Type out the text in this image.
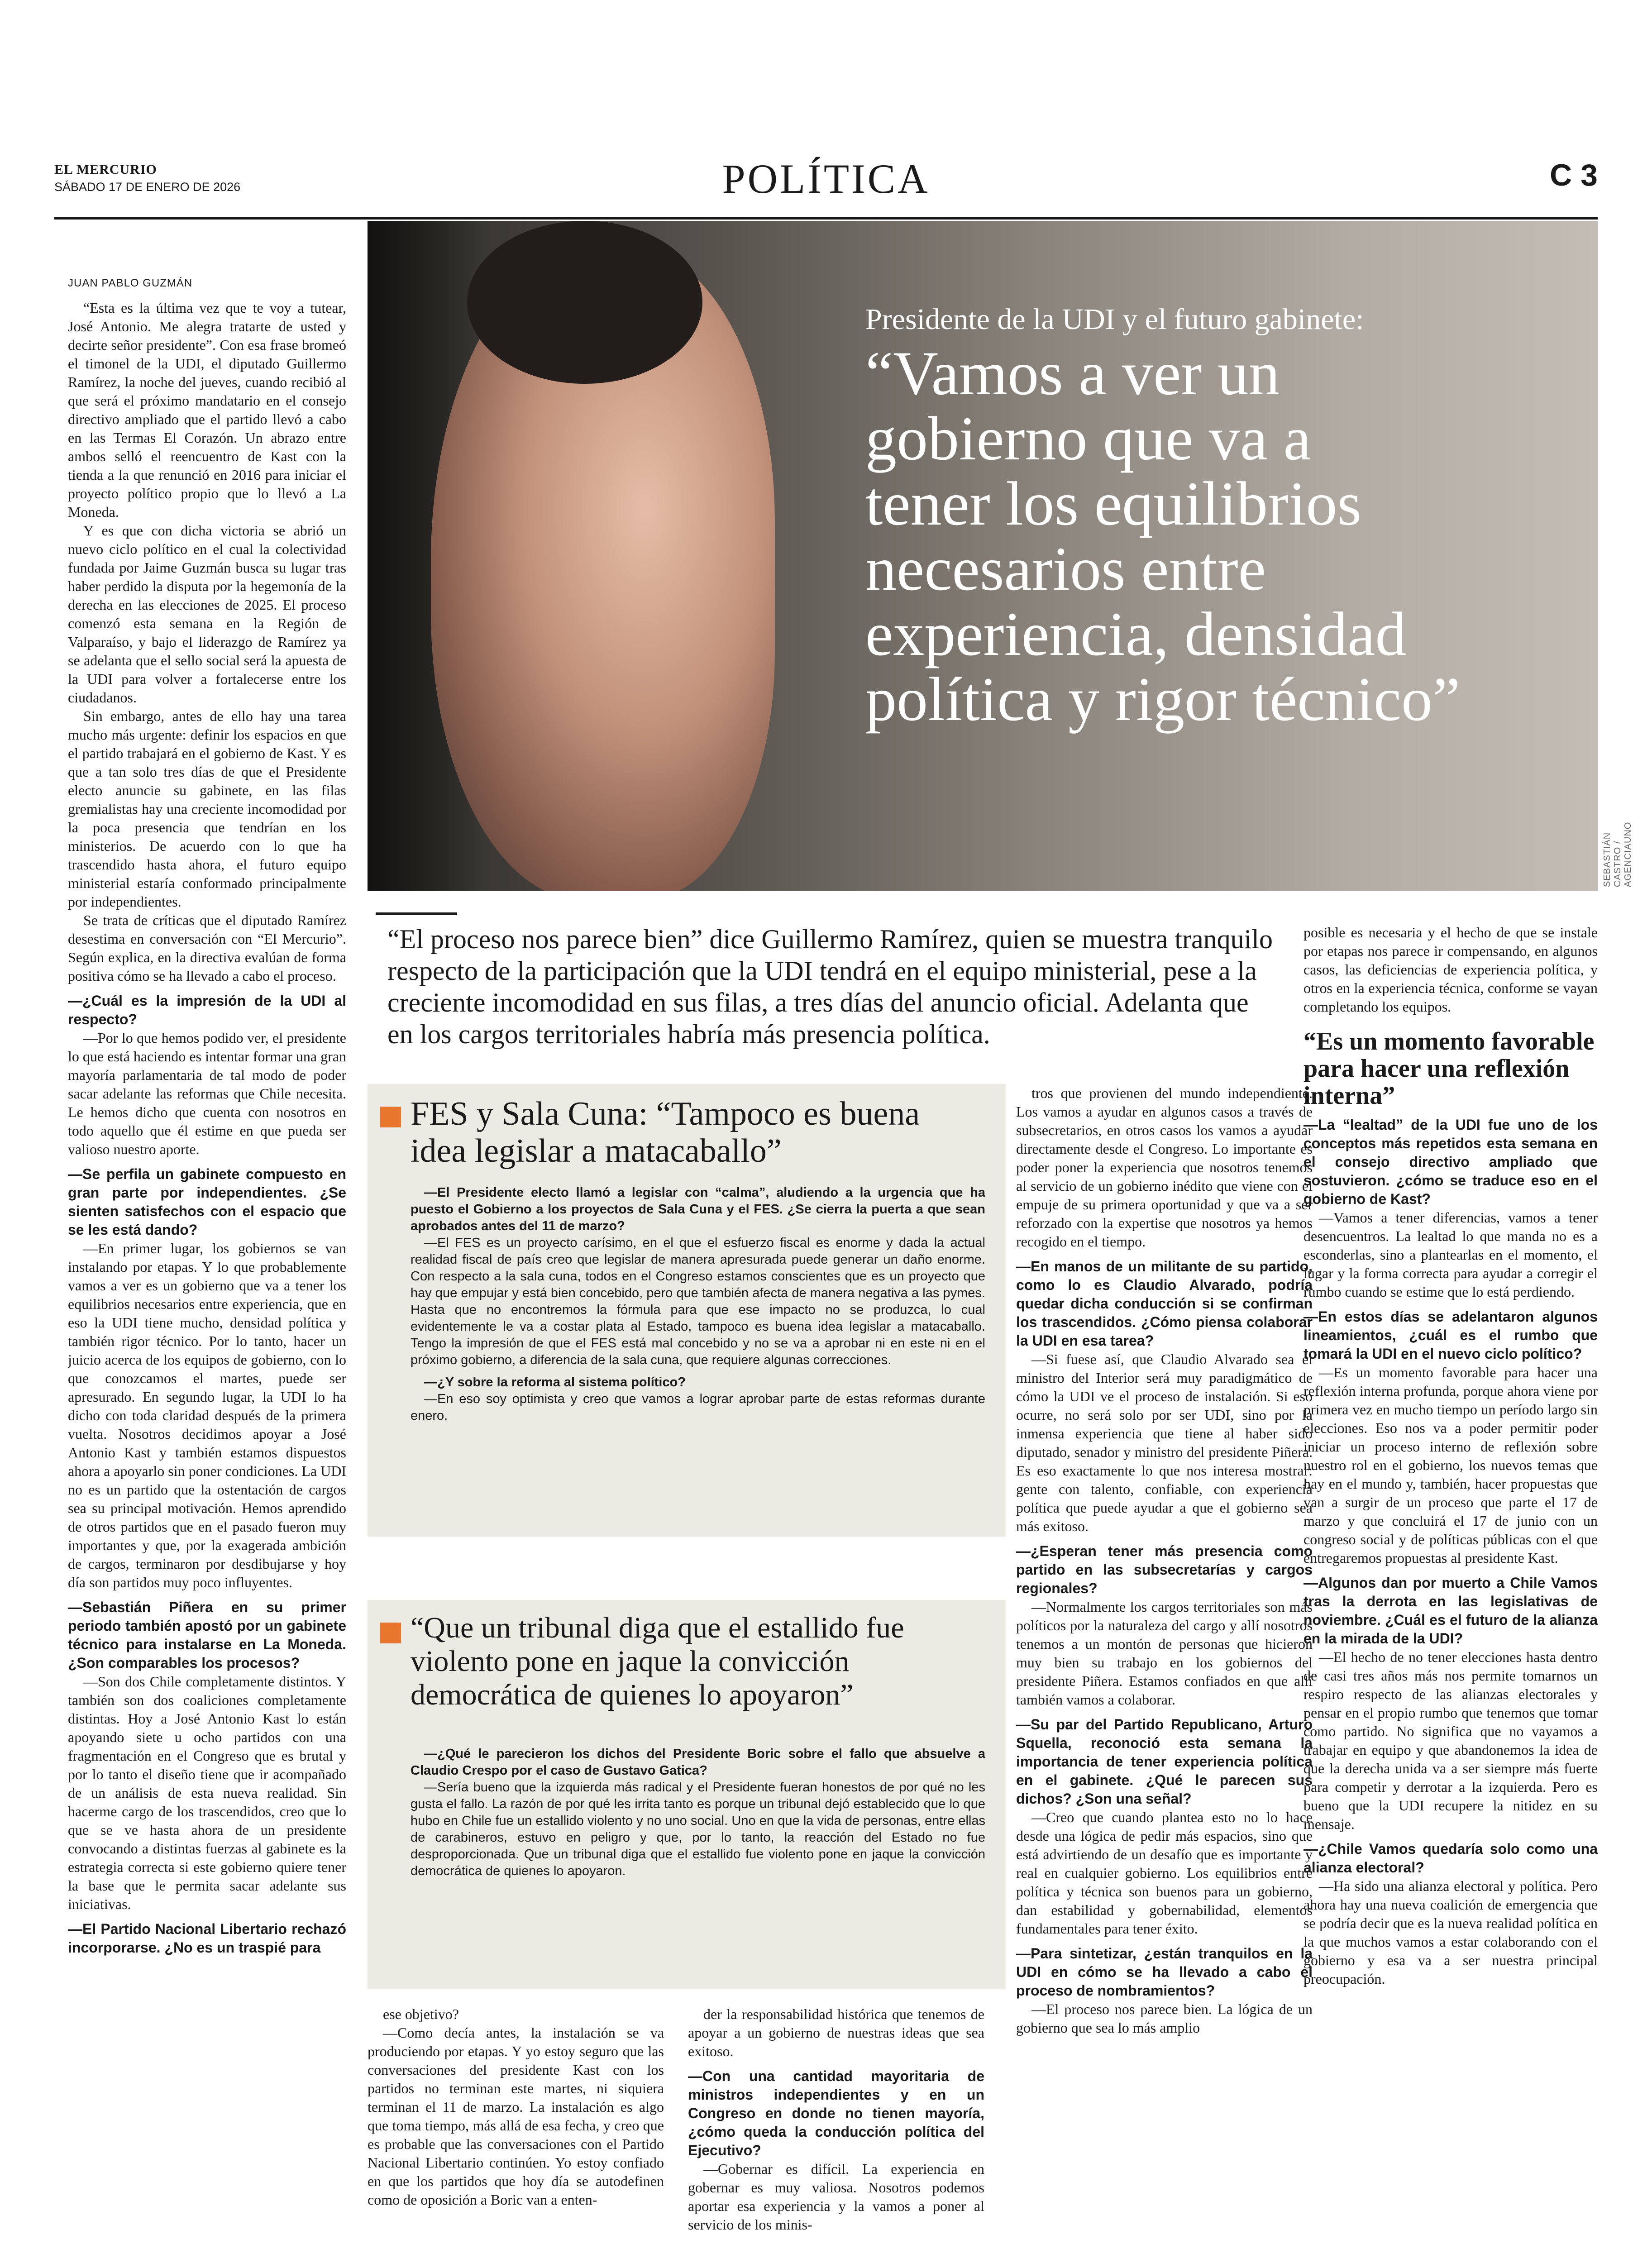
EL MERCURIO
SÁBADO 17 DE ENERO DE 2026	POLÍTICA	C 3
JUAN PABLO GUZMÁN

“Esta es la última vez que te voy a tutear, José Antonio. Me alegra tratarte de usted y decirte señor presidente”. Con esa frase bromeó el timonel de la UDI, el diputado Guillermo Ramírez, la noche del jueves, cuando recibió al que será el próximo mandatario en el consejo directivo ampliado que el partido llevó a cabo en las Termas El Corazón. Un abrazo entre ambos selló el reencuentro de Kast con la tienda a la que renunció en 2016 para iniciar el proyecto político propio que lo llevó a La Moneda.

Y es que con dicha victoria se abrió un nuevo ciclo político en el cual la colectividad fundada por Jaime Guzmán busca su lugar tras haber perdido la disputa por la hegemonía de la derecha en las elecciones de 2025. El proceso comenzó esta semana en la Región de Valparaíso, y bajo el liderazgo de Ramírez ya se adelanta que el sello social será la apuesta de la UDI para volver a fortalecerse entre los ciudadanos.

Sin embargo, antes de ello hay una tarea mucho más urgente: definir los espacios en que el partido trabajará en el gobierno de Kast. Y es que a tan solo tres días de que el Presidente electo anuncie su gabinete, en las filas gremialistas hay una creciente incomodidad por la poca presencia que tendrían en los ministerios. De acuerdo con lo que ha trascendido hasta ahora, el futuro equipo ministerial estaría conformado principalmente por independientes.

Se trata de críticas que el diputado Ramírez desestima en conversación con “El Mercurio”. Según explica, en la directiva evalúan de forma positiva cómo se ha llevado a cabo el proceso.

—¿Cuál es la impresión de la UDI al respecto?

—Por lo que hemos podido ver, el presidente lo que está haciendo es intentar formar una gran mayoría parlamentaria de tal modo de poder sacar adelante las reformas que Chile necesita. Le hemos dicho que cuenta con nosotros en todo aquello que él estime en que pueda ser valioso nuestro aporte.

—Se perfila un gabinete compuesto en gran parte por independientes. ¿Se sienten satisfechos con el espacio que se les está dando?

—En primer lugar, los gobiernos se van instalando por etapas. Y lo que probablemente vamos a ver es un gobierno que va a tener los equilibrios necesarios entre experiencia, que en eso la UDI tiene mucho, densidad política y también rigor técnico. Por lo tanto, hacer un juicio acerca de los equipos de gobierno, con lo que conozcamos el martes, puede ser apresurado. En segundo lugar, la UDI lo ha dicho con toda claridad después de la primera vuelta. Nosotros decidimos apoyar a José Antonio Kast y también estamos dispuestos ahora a apoyarlo sin poner condiciones. La UDI no es un partido que la ostentación de cargos sea su principal motivación. Hemos aprendido de otros partidos que en el pasado fueron muy importantes y que, por la exagerada ambición de cargos, terminaron por desdibujarse y hoy día son partidos muy poco influyentes.

—Sebastián Piñera en su primer periodo también apostó por un gabinete técnico para instalarse en La Moneda. ¿Son comparables los procesos?

—Son dos Chile completamente distintos. Y también son dos coaliciones completamente distintas. Hoy a José Antonio Kast lo están apoyando siete u ocho partidos con una fragmentación en el Congreso que es brutal y por lo tanto el diseño tiene que ir acompañado de un análisis de esta nueva realidad. Sin hacerme cargo de los trascendidos, creo que lo que se ve hasta ahora de un presidente convocando a distintas fuerzas al gabinete es la estrategia correcta si este gobierno quiere tener la base que le permita sacar adelante sus iniciativas.

—El Partido Nacional Libertario rechazó incorporarse. ¿No es un traspié para

Presidente de la UDI y el futuro gabinete:
“Vamos a ver un
gobierno que va a
tener los equilibrios
necesarios entre
experiencia, densidad
política y rigor técnico”
SEBASTIÁN CASTRO / AGENCIAUNO
“El proceso nos parece bien” dice Guillermo Ramírez, quien se muestra tranquilo respecto de la participación que la UDI tendrá en el equipo ministerial, pese a la creciente incomodidad en sus filas, a tres días del anuncio oficial. Adelanta que en los cargos territoriales habría más presencia política.
FES y Sala Cuna: “Tampoco es buena idea legislar a matacaballo”

—El Presidente electo llamó a legislar con “calma”, aludiendo a la urgencia que ha puesto el Gobierno a los proyectos de Sala Cuna y el FES. ¿Se cierra la puerta a que sean aprobados antes del 11 de marzo?

—El FES es un proyecto carísimo, en el que el esfuerzo fiscal es enorme y dada la actual realidad fiscal de país creo que legislar de manera apresurada puede generar un daño enorme. Con respecto a la sala cuna, todos en el Congreso estamos conscientes que es un proyecto que hay que empujar y está bien concebido, pero que también afecta de manera negativa a las pymes. Hasta que no encontremos la fórmula para que ese impacto no se produzca, lo cual evidentemente le va a costar plata al Estado, tampoco es buena idea legislar a matacaballo. Tengo la impresión de que el FES está mal concebido y no se va a aprobar ni en este ni en el próximo gobierno, a diferencia de la sala cuna, que requiere algunas correcciones.

—¿Y sobre la reforma al sistema político?

—En eso soy optimista y creo que vamos a lograr aprobar parte de estas reformas durante enero.

“Que un tribunal diga que el estallido fue violento pone en jaque la convicción democrática de quienes lo apoyaron”

—¿Qué le parecieron los dichos del Presidente Boric sobre el fallo que absuelve a Claudio Crespo por el caso de Gustavo Gatica?

—Sería bueno que la izquierda más radical y el Presidente fueran honestos de por qué no les gusta el fallo. La razón de por qué les irrita tanto es porque un tribunal dejó establecido que lo que hubo en Chile fue un estallido violento y no uno social. Uno en que la vida de personas, entre ellas de carabineros, estuvo en peligro y que, por lo tanto, la reacción del Estado no fue desproporcionada. Que un tribunal diga que el estallido fue violento pone en jaque la convicción democrática de quienes lo apoyaron.

ese objetivo?

—Como decía antes, la instalación se va produciendo por etapas. Y yo estoy seguro que las conversaciones del presidente Kast con los partidos no terminan este martes, ni siquiera terminan el 11 de marzo. La instalación es algo que toma tiempo, más allá de esa fecha, y creo que es probable que las conversaciones con el Partido Nacional Libertario continúen. Yo estoy confiado en que los partidos que hoy día se autodefinen como de oposición a Boric van a enten-

der la responsabilidad histórica que tenemos de apoyar a un gobierno de nuestras ideas que sea exitoso.

—Con una cantidad mayoritaria de ministros independientes y en un Congreso en donde no tienen mayoría, ¿cómo queda la conducción política del Ejecutivo?

—Gobernar es difícil. La experiencia en gobernar es muy valiosa. Nosotros podemos aportar esa experiencia y la vamos a poner al servicio de los minis-

tros que provienen del mundo independiente. Los vamos a ayudar en algunos casos a través de subsecretarios, en otros casos los vamos a ayudar directamente desde el Congreso. Lo importante es poder poner la experiencia que nosotros tenemos al servicio de un gobierno inédito que viene con el empuje de su primera oportunidad y que va a ser reforzado con la expertise que nosotros ya hemos recogido en el tiempo.

—En manos de un militante de su partido, como lo es Claudio Alvarado, podría quedar dicha conducción si se confirman los trascendidos. ¿Cómo piensa colaborar la UDI en esa tarea?

—Si fuese así, que Claudio Alvarado sea el ministro del Interior será muy paradigmático de cómo la UDI ve el proceso de instalación. Si eso ocurre, no será solo por ser UDI, sino por la inmensa experiencia que tiene al haber sido diputado, senador y ministro del presidente Piñera. Es eso exactamente lo que nos interesa mostrar: gente con talento, confiable, con experiencia política que puede ayudar a que el gobierno sea más exitoso.

—¿Esperan tener más presencia como partido en las subsecretarías y cargos regionales?

—Normalmente los cargos territoriales son más políticos por la naturaleza del cargo y allí nosotros tenemos a un montón de personas que hicieron muy bien su trabajo en los gobiernos del presidente Piñera. Estamos confiados en que allí también vamos a colaborar.

—Su par del Partido Republicano, Arturo Squella, reconoció esta semana la importancia de tener experiencia política en el gabinete. ¿Qué le parecen sus dichos? ¿Son una señal?

—Creo que cuando plantea esto no lo hace desde una lógica de pedir más espacios, sino que está advirtiendo de un desafío que es importante y real en cualquier gobierno. Los equilibrios entre política y técnica son buenos para un gobierno, dan estabilidad y gobernabilidad, elementos fundamentales para tener éxito.

—Para sintetizar, ¿están tranquilos en la UDI en cómo se ha llevado a cabo el proceso de nombramientos?

—El proceso nos parece bien. La lógica de un gobierno que sea lo más amplio

posible es necesaria y el hecho de que se instale por etapas nos parece ir compensando, en algunos casos, las deficiencias de experiencia política, y otros en la experiencia técnica, conforme se vayan completando los equipos.

“Es un momento favorable para hacer una reflexión interna”

—La “lealtad” de la UDI fue uno de los conceptos más repetidos esta semana en el consejo directivo ampliado que sostuvieron. ¿cómo se traduce eso en el gobierno de Kast?

—Vamos a tener diferencias, vamos a tener desencuentros. La lealtad lo que manda no es a esconderlas, sino a plantearlas en el momento, el lugar y la forma correcta para ayudar a corregir el rumbo cuando se estime que lo está perdiendo.

—En estos días se adelantaron algunos lineamientos, ¿cuál es el rumbo que tomará la UDI en el nuevo ciclo político?

—Es un momento favorable para hacer una reflexión interna profunda, porque ahora viene por primera vez en mucho tiempo un período largo sin elecciones. Eso nos va a poder permitir poder iniciar un proceso interno de reflexión sobre nuestro rol en el gobierno, los nuevos temas que hay en el mundo y, también, hacer propuestas que van a surgir de un proceso que parte el 17 de marzo y que concluirá el 17 de junio con un congreso social y de políticas públicas con el que entregaremos propuestas al presidente Kast.

—Algunos dan por muerto a Chile Vamos tras la derrota en las legislativas de noviembre. ¿Cuál es el futuro de la alianza en la mirada de la UDI?

—El hecho de no tener elecciones hasta dentro de casi tres años más nos permite tomarnos un respiro respecto de las alianzas electorales y pensar en el propio rumbo que tenemos que tomar como partido. No significa que no vayamos a trabajar en equipo y que abandonemos la idea de que la derecha unida va a ser siempre más fuerte para competir y derrotar a la izquierda. Pero es bueno que la UDI recupere la nitidez en su mensaje.

—¿Chile Vamos quedaría solo como una alianza electoral?

—Ha sido una alianza electoral y política. Pero ahora hay una nueva coalición de emergencia que se podría decir que es la nueva realidad política en la que muchos vamos a estar colaborando con el gobierno y esa va a ser nuestra principal preocupación.
